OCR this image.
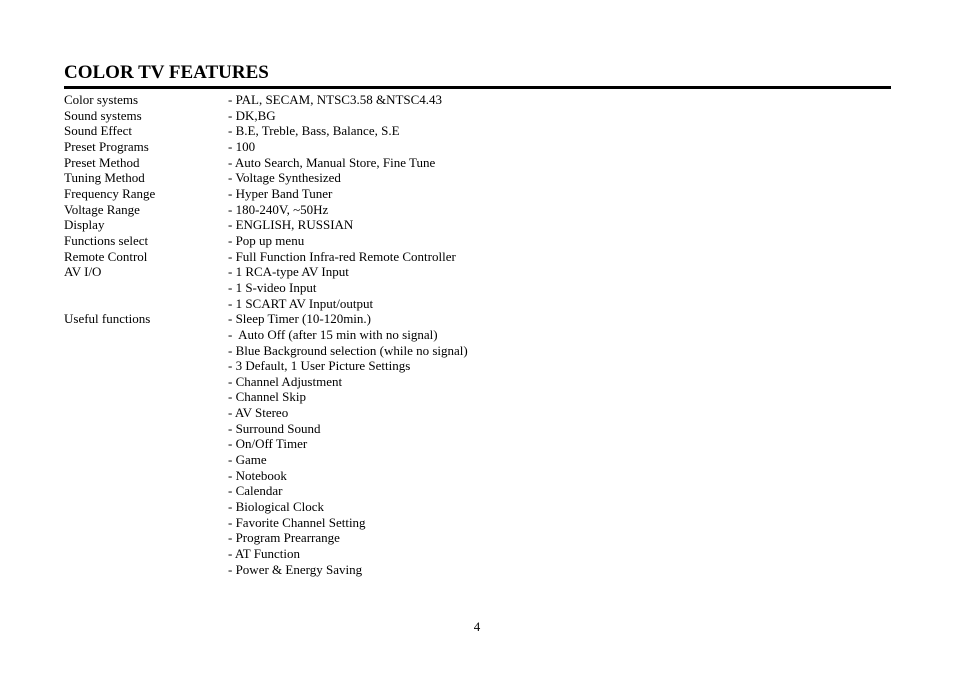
COLOR TV FEATURES
Color systems	- PAL, SECAM, NTSC3.58 &NTSC4.43
Sound systems	- DK,BG
Sound Effect	- B.E, Treble, Bass, Balance, S.E
Preset Programs	- 100
Preset Method	- Auto Search, Manual Store, Fine Tune
Tuning Method	- Voltage Synthesized
Frequency Range	- Hyper Band Tuner
Voltage Range	- 180-240V, ~50Hz
Display	- ENGLISH, RUSSIAN
Functions select	- Pop up menu
Remote Control	- Full Function Infra-red Remote Controller
AV I/O	- 1 RCA-type AV Input
- 1 S-video Input
- 1 SCART AV Input/output
Useful functions	- Sleep Timer (10-120min.)
-  Auto Off (after 15 min with no signal)
- Blue Background selection (while no signal)
- 3 Default, 1 User Picture Settings
- Channel Adjustment
- Channel Skip
- AV Stereo
- Surround Sound
- On/Off Timer
- Game
- Notebook
- Calendar
- Biological Clock
- Favorite Channel Setting
- Program Prearrange
- AT Function
- Power & Energy Saving
4
